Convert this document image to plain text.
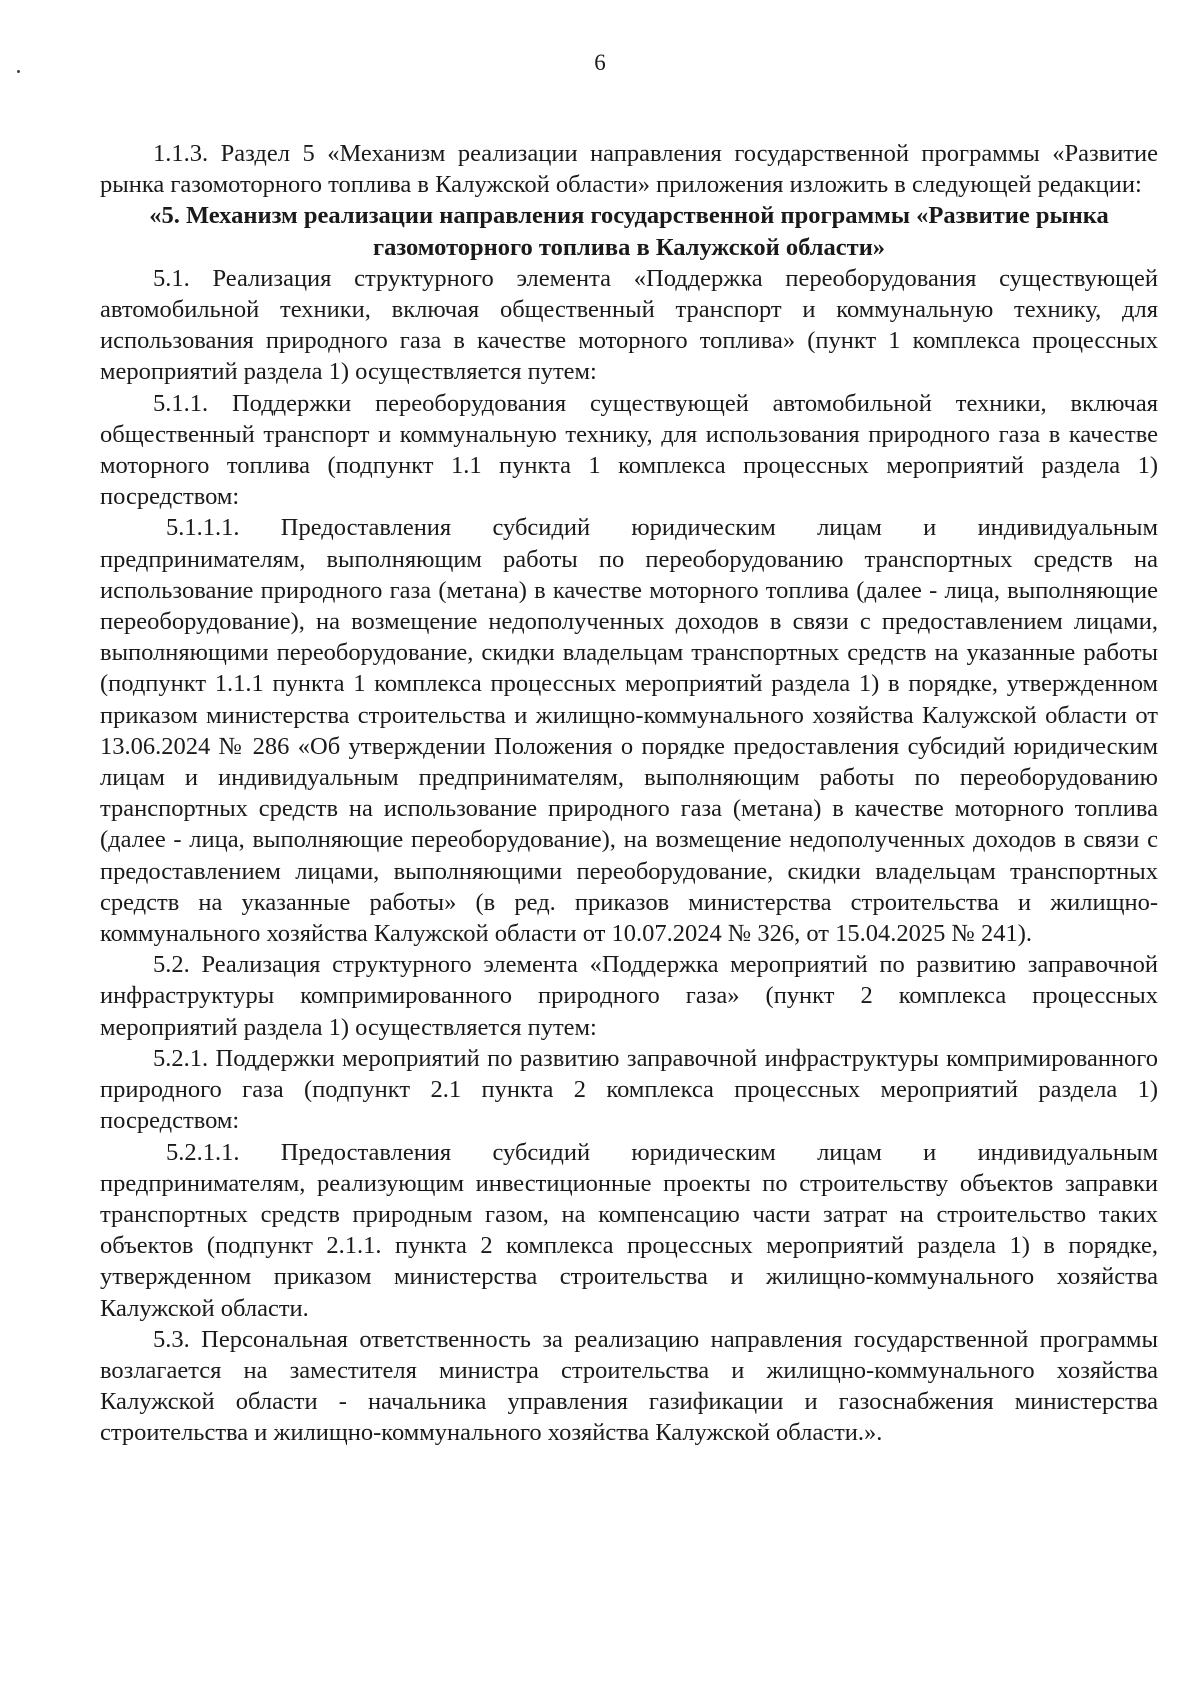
6

1.1.3. Раздел 5 «Механизм реализации направления государственной программы «Развитие рынка газомоторного топлива в Калужской области» приложения изложить в следующей редакции:

«5. Механизм реализации направления государственной программы «Развитие рынка газомоторного топлива в Калужской области»

5.1. Реализация структурного элемента «Поддержка переоборудования существующей автомобильной техники, включая общественный транспорт и коммунальную технику, для использования природного газа в качестве моторного топлива» (пункт 1 комплекса процессных мероприятий раздела 1) осуществляется путем:

5.1.1. Поддержки переоборудования существующей автомобильной техники, включая общественный транспорт и коммунальную технику, для использования природного газа в качестве моторного топлива (подпункт 1.1 пункта 1 комплекса процессных мероприятий раздела 1) посредством:

5.1.1.1. Предоставления субсидий юридическим лицам и индивидуальным предпринимателям, выполняющим работы по переоборудованию транспортных средств на использование природного газа (метана) в качестве моторного топлива (далее - лица, выполняющие переоборудование), на возмещение недополученных доходов в связи с предоставлением лицами, выполняющими переоборудование, скидки владельцам транспортных средств на указанные работы (подпункт 1.1.1 пункта 1 комплекса процессных мероприятий раздела 1) в порядке, утвержденном приказом министерства строительства и жилищно-коммунального хозяйства Калужской области от 13.06.2024 № 286 «Об утверждении Положения о порядке предоставления субсидий юридическим лицам и индивидуальным предпринимателям, выполняющим работы по переоборудованию транспортных средств на использование природного газа (метана) в качестве моторного топлива (далее - лица, выполняющие переоборудование), на возмещение недополученных доходов в связи с предоставлением лицами, выполняющими переоборудование, скидки владельцам транспортных средств на указанные работы» (в ред. приказов министерства строительства и жилищно-коммунального хозяйства Калужской области от 10.07.2024 № 326, от 15.04.2025 № 241).

5.2. Реализация структурного элемента «Поддержка мероприятий по развитию заправочной инфраструктуры компримированного природного газа» (пункт 2 комплекса процессных мероприятий раздела 1) осуществляется путем:

5.2.1. Поддержки мероприятий по развитию заправочной инфраструктуры компримированного природного газа (подпункт 2.1 пункта 2 комплекса процессных мероприятий раздела 1) посредством:

5.2.1.1. Предоставления субсидий юридическим лицам и индивидуальным предпринимателям, реализующим инвестиционные проекты по строительству объектов заправки транспортных средств природным газом, на компенсацию части затрат на строительство таких объектов (подпункт 2.1.1. пункта 2 комплекса процессных мероприятий раздела 1) в порядке, утвержденном приказом министерства строительства и жилищно-коммунального хозяйства Калужской области.

5.3. Персональная ответственность за реализацию направления государственной программы возлагается на заместителя министра строительства и жилищно-коммунального хозяйства Калужской области - начальника управления газификации и газоснабжения министерства строительства и жилищно-коммунального хозяйства Калужской области.».
